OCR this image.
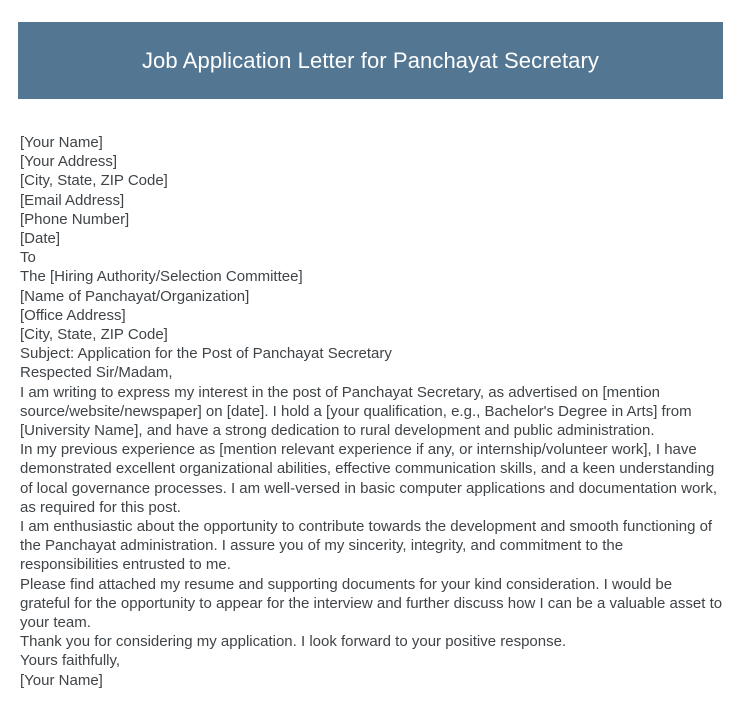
Job Application Letter for Panchayat Secretary
[Your Name]
[Your Address]
[City, State, ZIP Code]
[Email Address]
[Phone Number]
[Date]
To
The [Hiring Authority/Selection Committee]
[Name of Panchayat/Organization]
[Office Address]
[City, State, ZIP Code]
Subject: Application for the Post of Panchayat Secretary
Respected Sir/Madam,

I am writing to express my interest in the post of Panchayat Secretary, as advertised on [mention source/website/newspaper] on [date]. I hold a [your qualification, e.g., Bachelor's Degree in Arts] from [University Name], and have a strong dedication to rural development and public administration.

In my previous experience as [mention relevant experience if any, or internship/volunteer work], I have demonstrated excellent organizational abilities, effective communication skills, and a keen understanding of local governance processes. I am well-versed in basic computer applications and documentation work, as required for this post.

I am enthusiastic about the opportunity to contribute towards the development and smooth functioning of the Panchayat administration. I assure you of my sincerity, integrity, and commitment to the responsibilities entrusted to me.

Please find attached my resume and supporting documents for your kind consideration. I would be grateful for the opportunity to appear for the interview and further discuss how I can be a valuable asset to your team.

Thank you for considering my application. I look forward to your positive response.

Yours faithfully,
[Your Name]
